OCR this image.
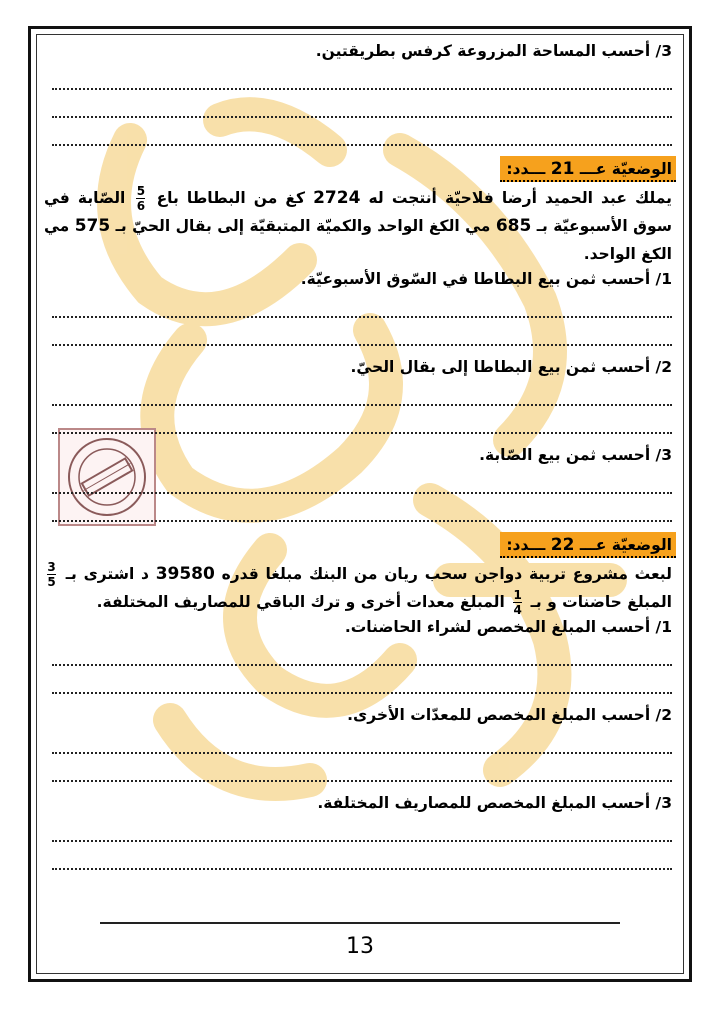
3/ أحسب المساحة المزروعة كرفس بطريقتين.

الوضعيّة عـــ 21 ـــدد:

يملك عبد الحميد أرضا فلاحيّة أنتجت له 2724 كغ من البطاطا باع
$\frac{5}{6}$
الصّابة في سوق الأسبوعيّة بـ 685 مي الكغ الواحد والكميّة المتبقيّة إلى بقال الحيّ بـ 575 مي الكغ الواحد.

1/ أحسب ثمن بيع البطاطا في السّوق الأسبوعيّة.

2/ أحسب ثمن بيع البطاطا إلى بقال الحيّ.

3/ أحسب ثمن بيع الصّابة.

الوضعيّة عـــ 22 ـــدد:

لبعث مشروع تربية دواجن سحب ريان من البنك مبلغا قدره 39580 د اشترى بـ
$\frac{3}{5}$
المبلغ حاضنات و بـ
$\frac{1}{4}$
المبلغ معدات أخرى و ترك الباقي للمصاريف المختلفة.

1/ أحسب المبلغ المخصص لشراء الحاضنات.

2/ أحسب المبلغ المخصص للمعدّات الأخرى.

3/ أحسب المبلغ المخصص للمصاريف المختلفة.

13
